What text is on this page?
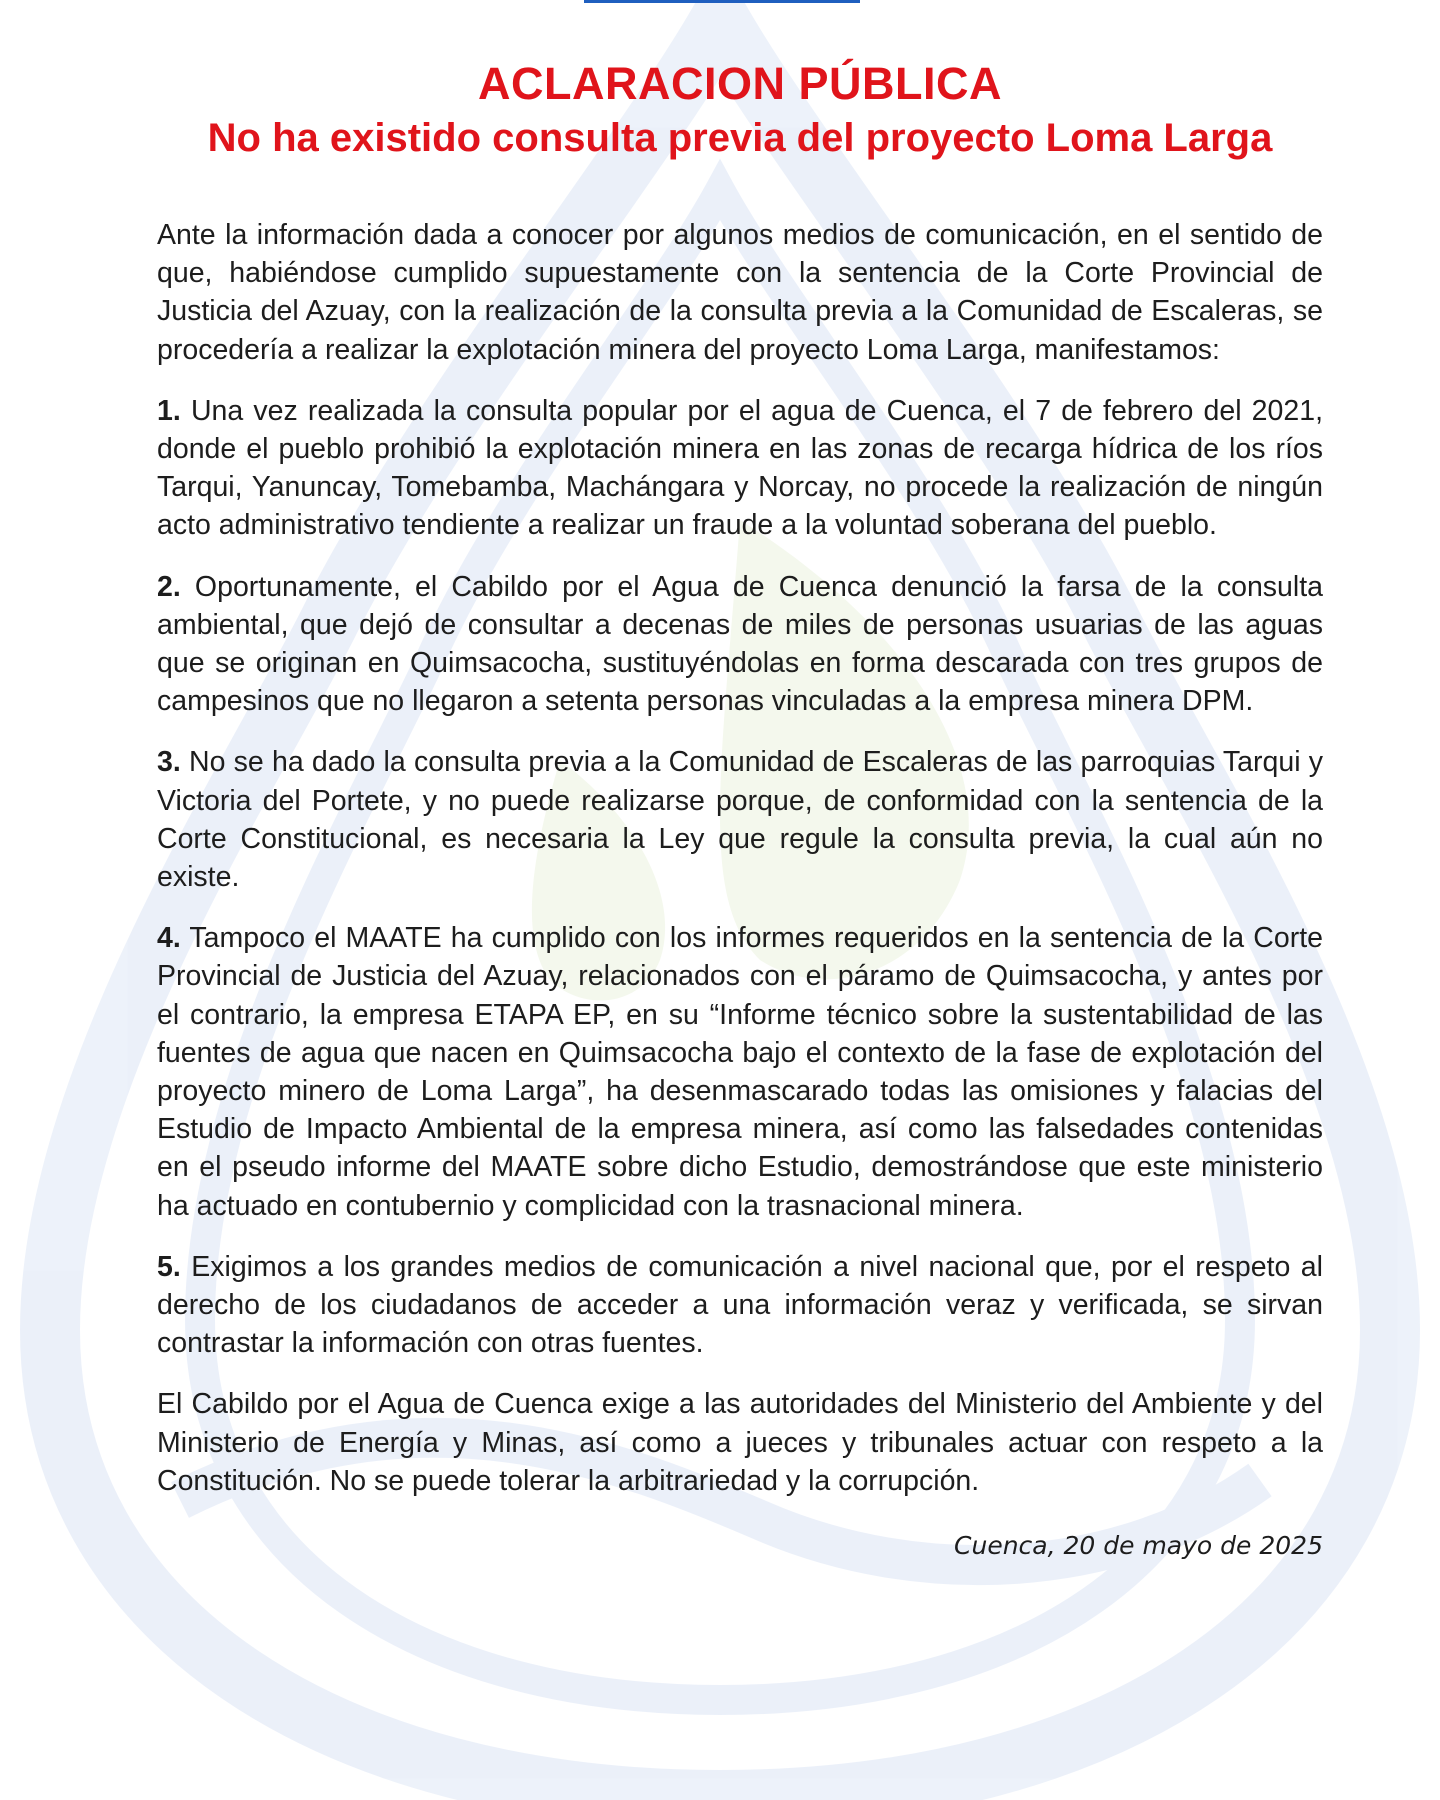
ACLARACION PÚBLICA
No ha existido consulta previa del proyecto Loma Larga

Ante la información dada a conocer por algunos medios de comunicación, en el sentido de que, habiéndose cumplido supuestamente con la sentencia de la Corte Provincial de Justicia del Azuay, con la realización de la consulta previa a la Comunidad de Escaleras, se procedería a realizar la explotación minera del proyecto Loma Larga, manifestamos:

1. Una vez realizada la consulta popular por el agua de Cuenca, el 7 de febrero del 2021, donde el pueblo prohibió la explotación minera en las zonas de recarga hídrica de los ríos Tarqui, Yanuncay, Tomebamba, Machángara y Norcay, no procede la realización de ningún acto administrativo tendiente a realizar un fraude a la voluntad soberana del pueblo.

2. Oportunamente, el Cabildo por el Agua de Cuenca denunció la farsa de la consulta ambiental, que dejó de consultar a decenas de miles de personas usuarias de las aguas que se originan en Quimsacocha, sustituyéndolas en forma descarada con tres grupos de campesinos que no llegaron a setenta personas vinculadas a la empresa minera DPM.

3. No se ha dado la consulta previa a la Comunidad de Escaleras de las parroquias Tarqui y Victoria del Portete, y no puede realizarse porque, de conformidad con la sentencia de la Corte Constitucional, es necesaria la Ley que regule la consulta previa, la cual aún no existe.

4. Tampoco el MAATE ha cumplido con los informes requeridos en la sentencia de la Corte Provincial de Justicia del Azuay, relacionados con el páramo de Quimsacocha, y antes por el contrario, la empresa ETAPA EP, en su “Informe técnico sobre la sustentabilidad de las fuentes de agua que nacen en Quimsacocha bajo el contexto de la fase de explotación del proyecto minero de Loma Larga”, ha desenmascarado todas las omisiones y falacias del Estudio de Impacto Ambiental de la empresa minera, así como las falsedades contenidas en el pseudo informe del MAATE sobre dicho Estudio, demostrándose que este ministerio ha actuado en contubernio y complicidad con la trasnacional minera.

5. Exigimos a los grandes medios de comunicación a nivel nacional que, por el respeto al derecho de los ciudadanos de acceder a una información veraz y verificada, se sirvan contrastar la información con otras fuentes.

El Cabildo por el Agua de Cuenca exige a las autoridades del Ministerio del Ambiente y del Ministerio de Energía y Minas, así como a jueces y tribunales actuar con respeto a la Constitución. No se puede tolerar la arbitrariedad y la corrupción.

Cuenca, 20 de mayo de 2025
